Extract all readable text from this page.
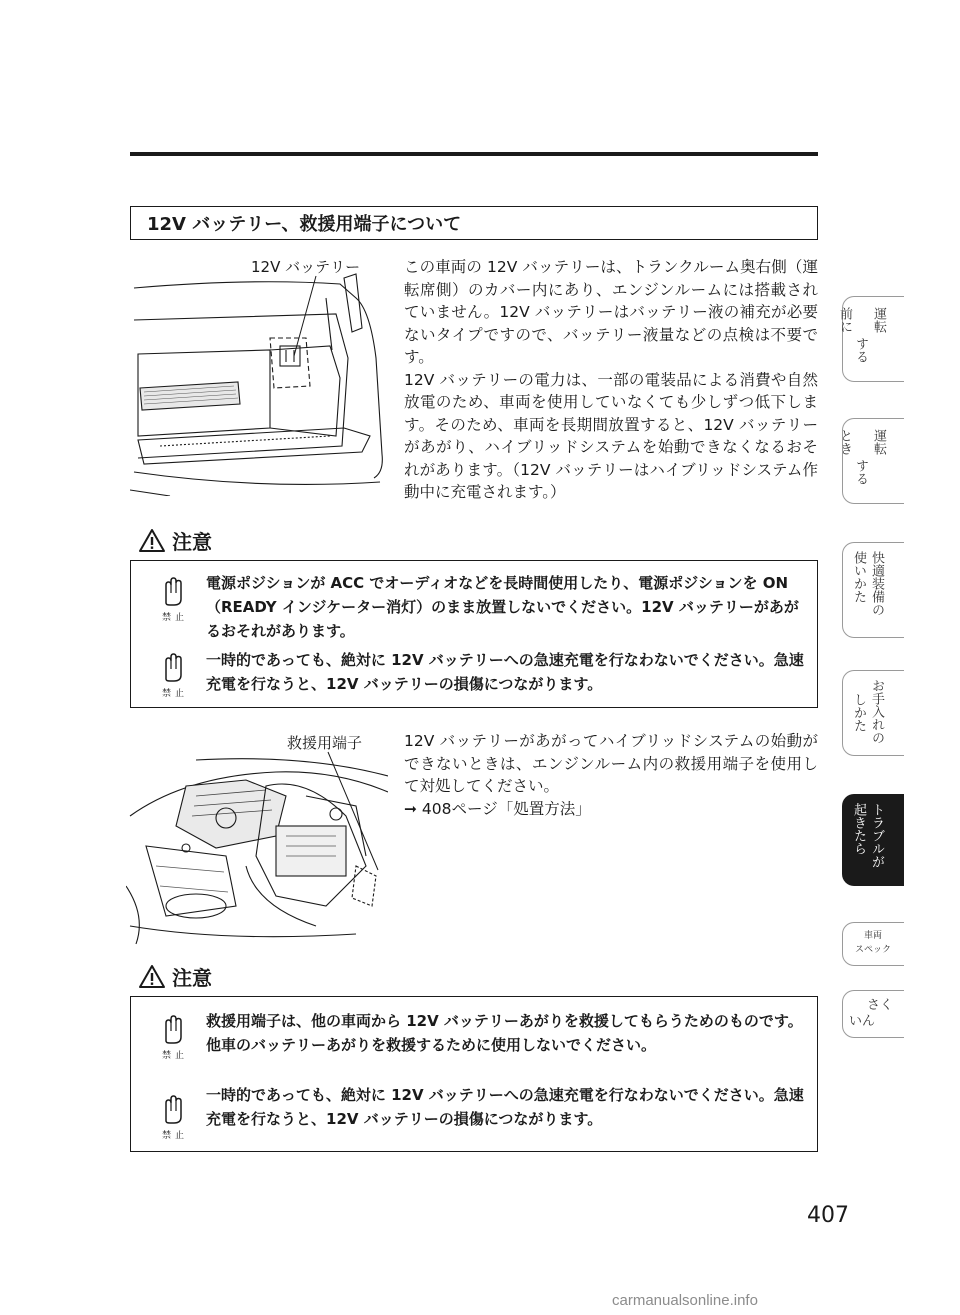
12V バッテリー、救援用端子について
12V バッテリー	この車両の 12V バッテリーは、トランクルーム奥右側（運転席側）のカバー内にあり、エンジンルームには搭載されていません。12V バッテリーはバッテリー液の補充が必要ないタイプですので、バッテリー液量などの点検は不要です。

12V バッテリーの電力は、一部の電装品による消費や自然放電のため、車両を使用していなくても少しずつ低下します。そのため、車両を長期間放置すると、12V バッテリーがあがり、ハイブリッドシステムを始動できなくなるおそれがあります。（12V バッテリーはハイブリッドシステム作動中に充電されます。）

注意
禁止
電源ポジションが ACC でオーディオなどを長時間使用したり、電源ポジションを ON（READY インジケーター消灯）のまま放置しないでください。12V バッテリーがあがるおそれがあります。
禁止
一時的であっても、絶対に 12V バッテリーへの急速充電を行なわないでください。急速充電を行なうと、12V バッテリーの損傷につながります。
救援用端子	12V バッテリーがあがってハイブリッドシステムの始動ができないときは、エンジンルーム内の救援用端子を使用して対処してください。

➞ 408ページ「処置方法」

注意
禁止
救援用端子は、他の車両から 12V バッテリーあがりを救援してもらうためのものです。他車のバッテリーあがりを救援するために使用しないでください。
禁止
一時的であっても、絶対に 12V バッテリーへの急速充電を行なわないでください。急速充電を行なうと、12V バッテリーの損傷につながります。
運転
する
前に
運転
する
とき
快適装備の
使いかた
お手入れの
しかた
トラブルが
起きたら
車両
スペック
さく
いん
407
carmanualsonline.info
